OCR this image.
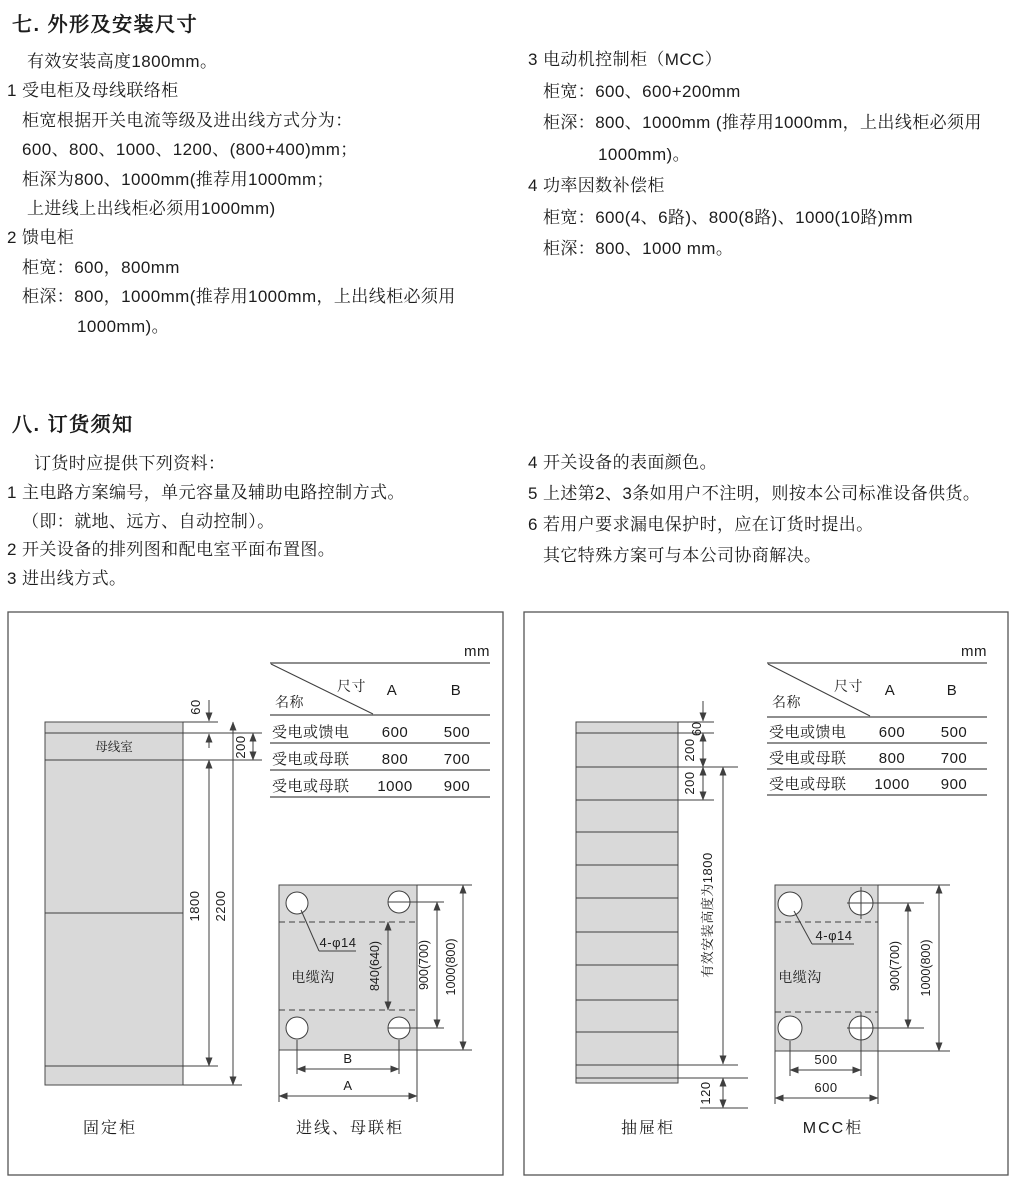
七. 外形及安装尺寸
有效安装高度1800mm。
1 受电柜及母线联络柜
柜宽根据开关电流等级及进出线方式分为：
600、800、1000、1200、(800+400)mm；
柜深为800、1000mm(推荐用1000mm；
上进线上出线柜必须用1000mm)
2 馈电柜
柜宽：600，800mm
柜深：800，1000mm(推荐用1000mm，上出线柜必须用
1000mm)。
3 电动机控制柜（MCC）
柜宽：600、600+200mm
柜深：800、1000mm (推荐用1000mm，上出线柜必须用
1000mm)。
4 功率因数补偿柜
柜宽：600(4、6路)、800(8路)、1000(10路)mm
柜深：800、1000 mm。
八. 订货须知
订货时应提供下列资料：
1 主电路方案编号，单元容量及辅助电路控制方式。
（即：就地、远方、自动控制）。
2 开关设备的排列图和配电室平面布置图。
3 进出线方式。
4 开关设备的表面颜色。
5 上述第2、3条如用户不注明，则按本公司标准设备供货。
6 若用户要求漏电保护时，应在订货时提出。
其它特殊方案可与本公司协商解决。
mm
尺寸
名称
A	B
受电或馈电 600 500
受电或母联 800 700
受电或母联 1000 900
母线室
60
200
1800 2200
固定柜
4-φ14
电缆沟	840(640)	900(700) 1000(800)
B
A
进线、母联柜
mm
尺寸
名称
A	B
受电或馈电 600 500
受电或母联 800 700
受电或母联 1000 900
60
200
200
有效安装高度为1800
120
抽屉柜
4-φ14
电缆沟	900(700) 1000(800)
500
600
MCC柜
